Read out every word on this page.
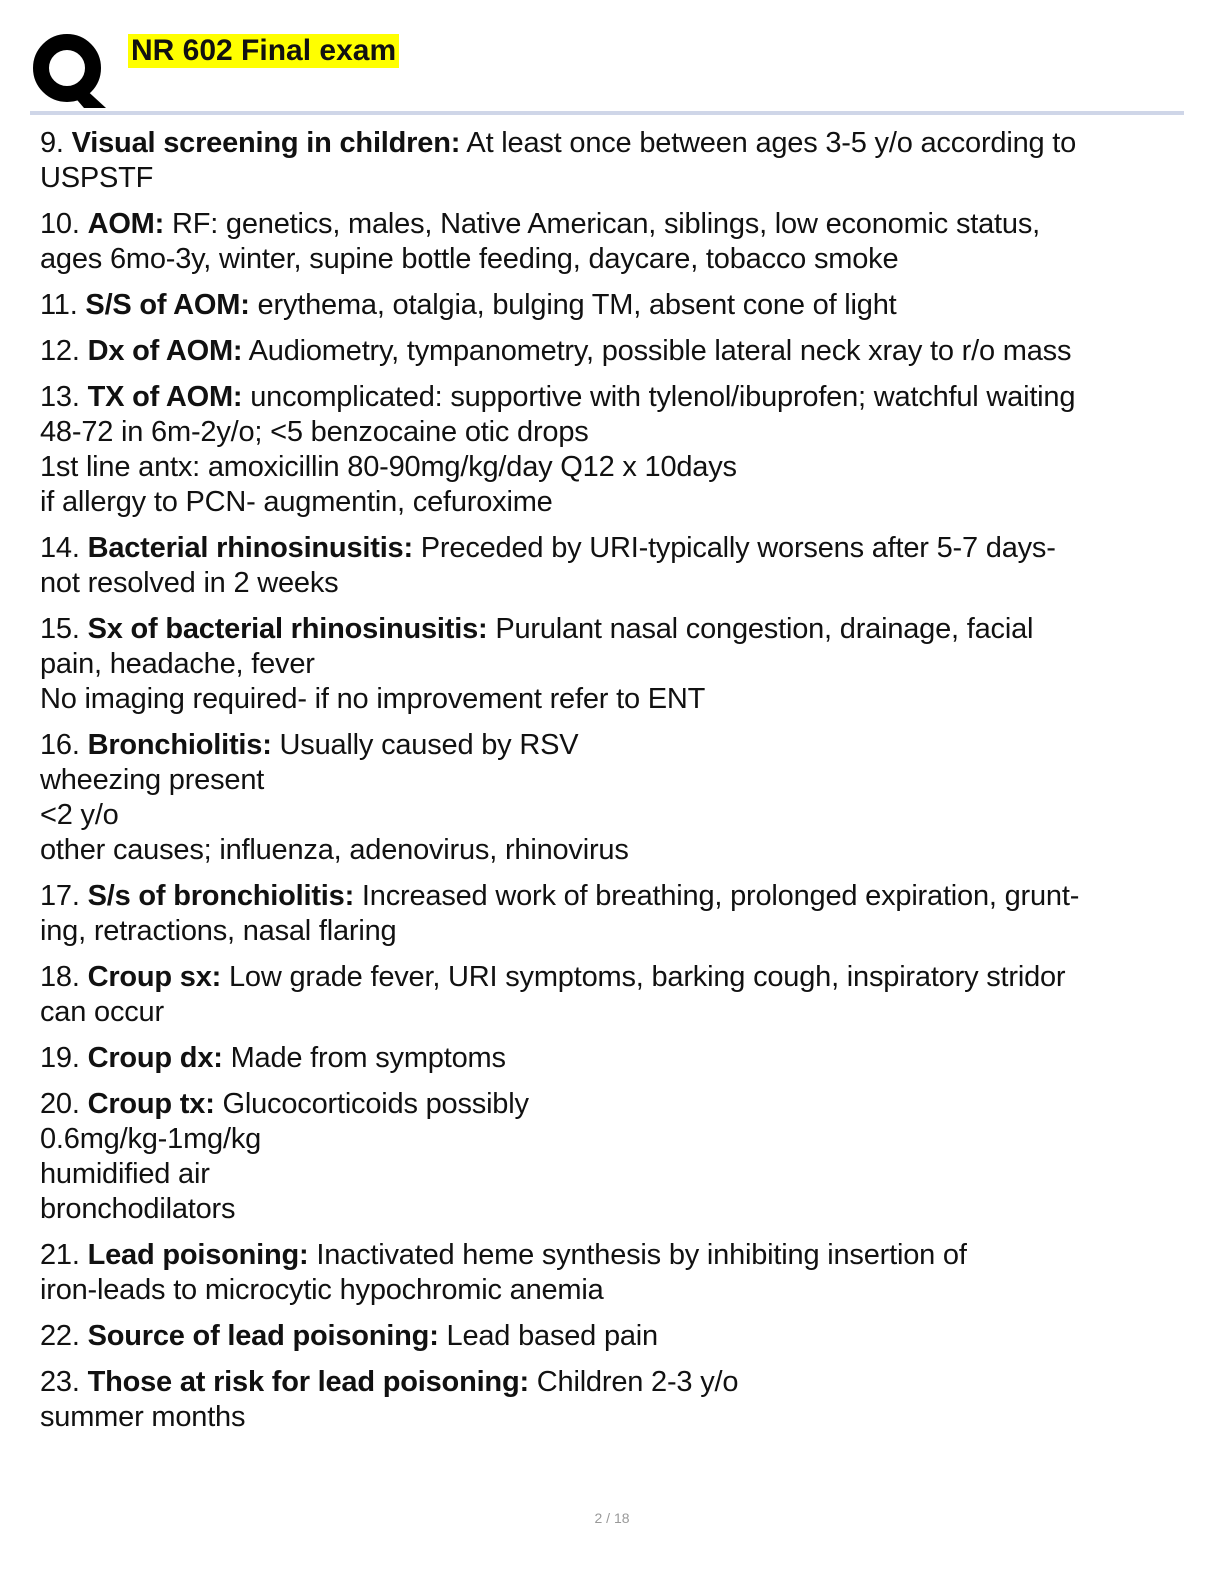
NR 602 Final exam
9. Visual screening in children: At least once between ages 3-5 y/o according to
USPSTF
10. AOM: RF: genetics, males, Native American, siblings, low economic status,
ages 6mo-3y, winter, supine bottle feeding, daycare, tobacco smoke
11. S/S of AOM: erythema, otalgia, bulging TM, absent cone of light
12. Dx of AOM: Audiometry, tympanometry, possible lateral neck xray to r/o mass
13. TX of AOM: uncomplicated: supportive with tylenol/ibuprofen; watchful waiting
48-72 in 6m-2y/o; <5 benzocaine otic drops
1st line antx: amoxicillin 80-90mg/kg/day Q12 x 10days
if allergy to PCN- augmentin, cefuroxime
14. Bacterial rhinosinusitis: Preceded by URI-typically worsens after 5-7 days-
not resolved in 2 weeks
15. Sx of bacterial rhinosinusitis: Purulant nasal congestion, drainage, facial
pain, headache, fever
No imaging required- if no improvement refer to ENT
16. Bronchiolitis: Usually caused by RSV
wheezing present
<2 y/o
other causes; influenza, adenovirus, rhinovirus
17. S/s of bronchiolitis: Increased work of breathing, prolonged expiration, grunt-
ing, retractions, nasal flaring
18. Croup sx: Low grade fever, URI symptoms, barking cough, inspiratory stridor
can occur
19. Croup dx: Made from symptoms
20. Croup tx: Glucocorticoids possibly
0.6mg/kg-1mg/kg
humidified air
bronchodilators
21. Lead poisoning: Inactivated heme synthesis by inhibiting insertion of
iron-leads to microcytic hypochromic anemia
22. Source of lead poisoning: Lead based pain
23. Those at risk for lead poisoning: Children 2-3 y/o
summer months
2 / 18
